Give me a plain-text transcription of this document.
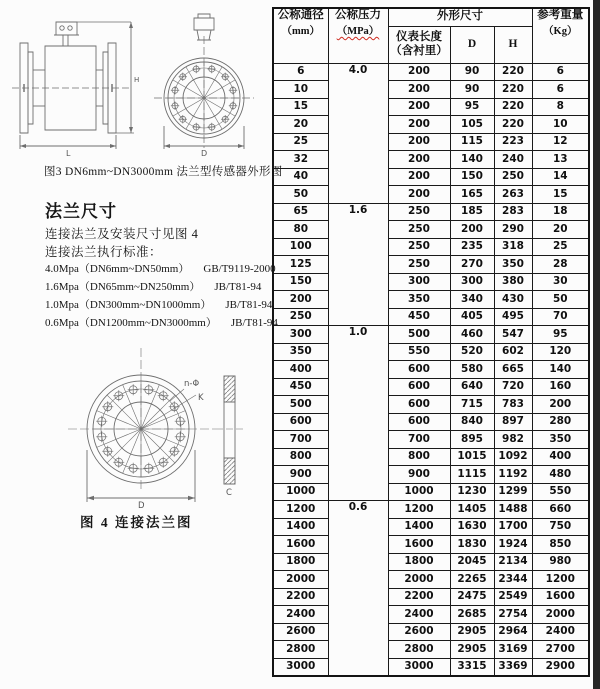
L
H
D
图3 DN6mm~DN3000mm 法兰型传感器外形图
法兰尺寸
连接法兰及安装尺寸见图 4
连接法兰执行标准：
4.0Mpa（DN6mm~DN50mm） GB/T9119-2000
1.6Mpa（DN65mm~DN250mm） JB/T81-94
1.0Mpa（DN300mm~DN1000mm） JB/T81-94
0.6Mpa（DN1200mm~DN3000mm） JB/T81-94
n-Φ
K
D
C
图 4 连接法兰图
公称通径
（mm）

公称压力
（MPa）
	外形尺寸	参考重量
（Kg）

		仪表长度
（含衬里）	D	H	
6	4.0	200	90	220	6
10		200	90	220	6
15		200	95	220	8
20		200	105	220	10
25		200	115	223	12
32		200	140	240	13
40		200	150	250	14
50		200	165	263	15
65	1.6	250	185	283	18
80		250	200	290	20
100		250	235	318	25
125		250	270	350	28
150		300	300	380	30
200		350	340	430	50
250		450	405	495	70
300	1.0	500	460	547	95
350		550	520	602	120
400		600	580	665	140
450		600	640	720	160
500		600	715	783	200
600		600	840	897	280
700		700	895	982	350
800		800	1015	1092	400
900		900	1115	1192	480
1000		1000	1230	1299	550
1200	0.6	1200	1405	1488	660
1400		1400	1630	1700	750
1600		1600	1830	1924	850
1800		1800	2045	2134	980
2000		2000	2265	2344	1200
2200		2200	2475	2549	1600
2400		2400	2685	2754	2000
2600		2600	2905	2964	2400
2800		2800	2905	3169	2700
3000		3000	3315	3369	2900
